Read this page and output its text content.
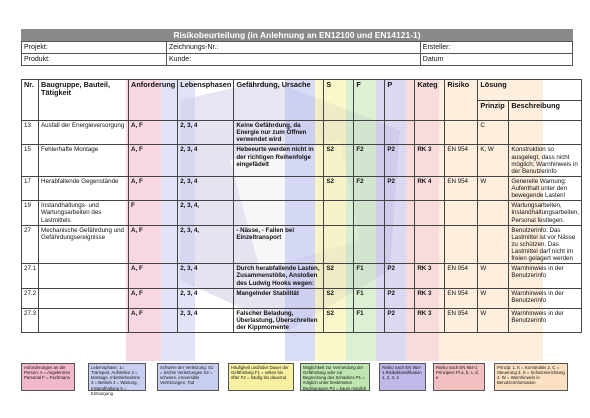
Risikobeurteilung (in Anlehnung an EN12100 und EN14121-1)
Projekt:	Zeichnungs-Nr.:	Ersteller:
Produkt:	Kunde:	Datum
Nr.	Baugruppe, Bauteil, Tätigkeit	Anforderung	Lebensphasen	Gefährdung, Ursache	S	F	P	Kateg	Risiko	Lösung	
										Prinzip	Beschreibung
13	Ausfall der Energieversorgung	A, F	2, 3, 4	Keine Gefährdung, da Energie nur zum Öffnen verwendet wird						C	
15	Fehlerhafte Montage	A, F	2, 3, 4	Hebeeurte werden nicht in der richtigen Reihenfolge eingefädelt	S2	F2	P2	RK 3	EN 954	K, W	Konstruktion so ausgelegt, dass nicht möglich; Warnhinweis in der Benutzerinfo
17	Herabfallende Gegenstände	A, F	2, 3, 4		S2	F2	P2	RK 4	EN 954	W	Generelle Warnung: Aufenthalt unter den bewegende Lasten!
19	Instandhaltungs- und Wartungsarbeiten des Lastmittels	F	2, 3, 4,								Wartungsarbeiten, Instandhaltungsarbeiten, Personal festlegen.
27	Mechanische Gefährdung und Gefährdungsereignisse	A, F	2, 3, 4,	- Nässe, - Fallen bei Einzeltransport							Benutzerinfo: Das Lastmittel ist vor Nässe zu schützen. Das Lastmittel darf nicht im freien gelagert werden
27.1		A, F	2, 3, 4	Durch herabfallende Lasten, Zusammenstöße, Anstoßen des Ludwig Hooks wegen:	S2	F1	P2	RK 3	EN 954	W	Warnhinweis in der Benutzerinfo
27.2		A, F	2, 3, 4	Mangelnder Stabilität	S2	F1	P2	RK 3	EN 954	W	Warnhinweis in der Benutzerinfo
27.3		A, F	2, 3, 4	Falscher Beladung, Überlastung, Überschreiten der Kippmomente	S2	F1	P2	RK 3	EN 954	W	Warnhinweis in der Benutzerinfo
Anforderungen an die Person: A = Angelerntes Personal F = Fachmann
Lebensphase: 1= Transport, Aufstellen 2 = Montage, Inbetriebnahme 3 = Betrieb 4 = Wartung, Instandhaltung 5 = Entsorgung
Schwere der Verletzung: S1 = leichte Verletzungen S2 = schwere, irreversible Verletzungen, Tod
Häufigkeit und/oder Dauer der Gefährdung F1 = selten bis öfter F2 = häufig bis dauernd
Möglichkeit zur Vermeidung der Gefährdung oder zur Begrenzung des Schadens P1 = möglich unter bestimmten Bedingungen P2 = kaum möglich
Risiko nach EN 954-1 Risikoklassifikation 1, 2, 3, 4
Risiko nach EN 954-1 Prinzipien Pl a, b, c, d, e
Prinzip: 1. K = Konstruktiv 2. C = Steuerung 3. S = Schutzeinrichtung 4. W = Warnhinweis in Benutzerinformation
